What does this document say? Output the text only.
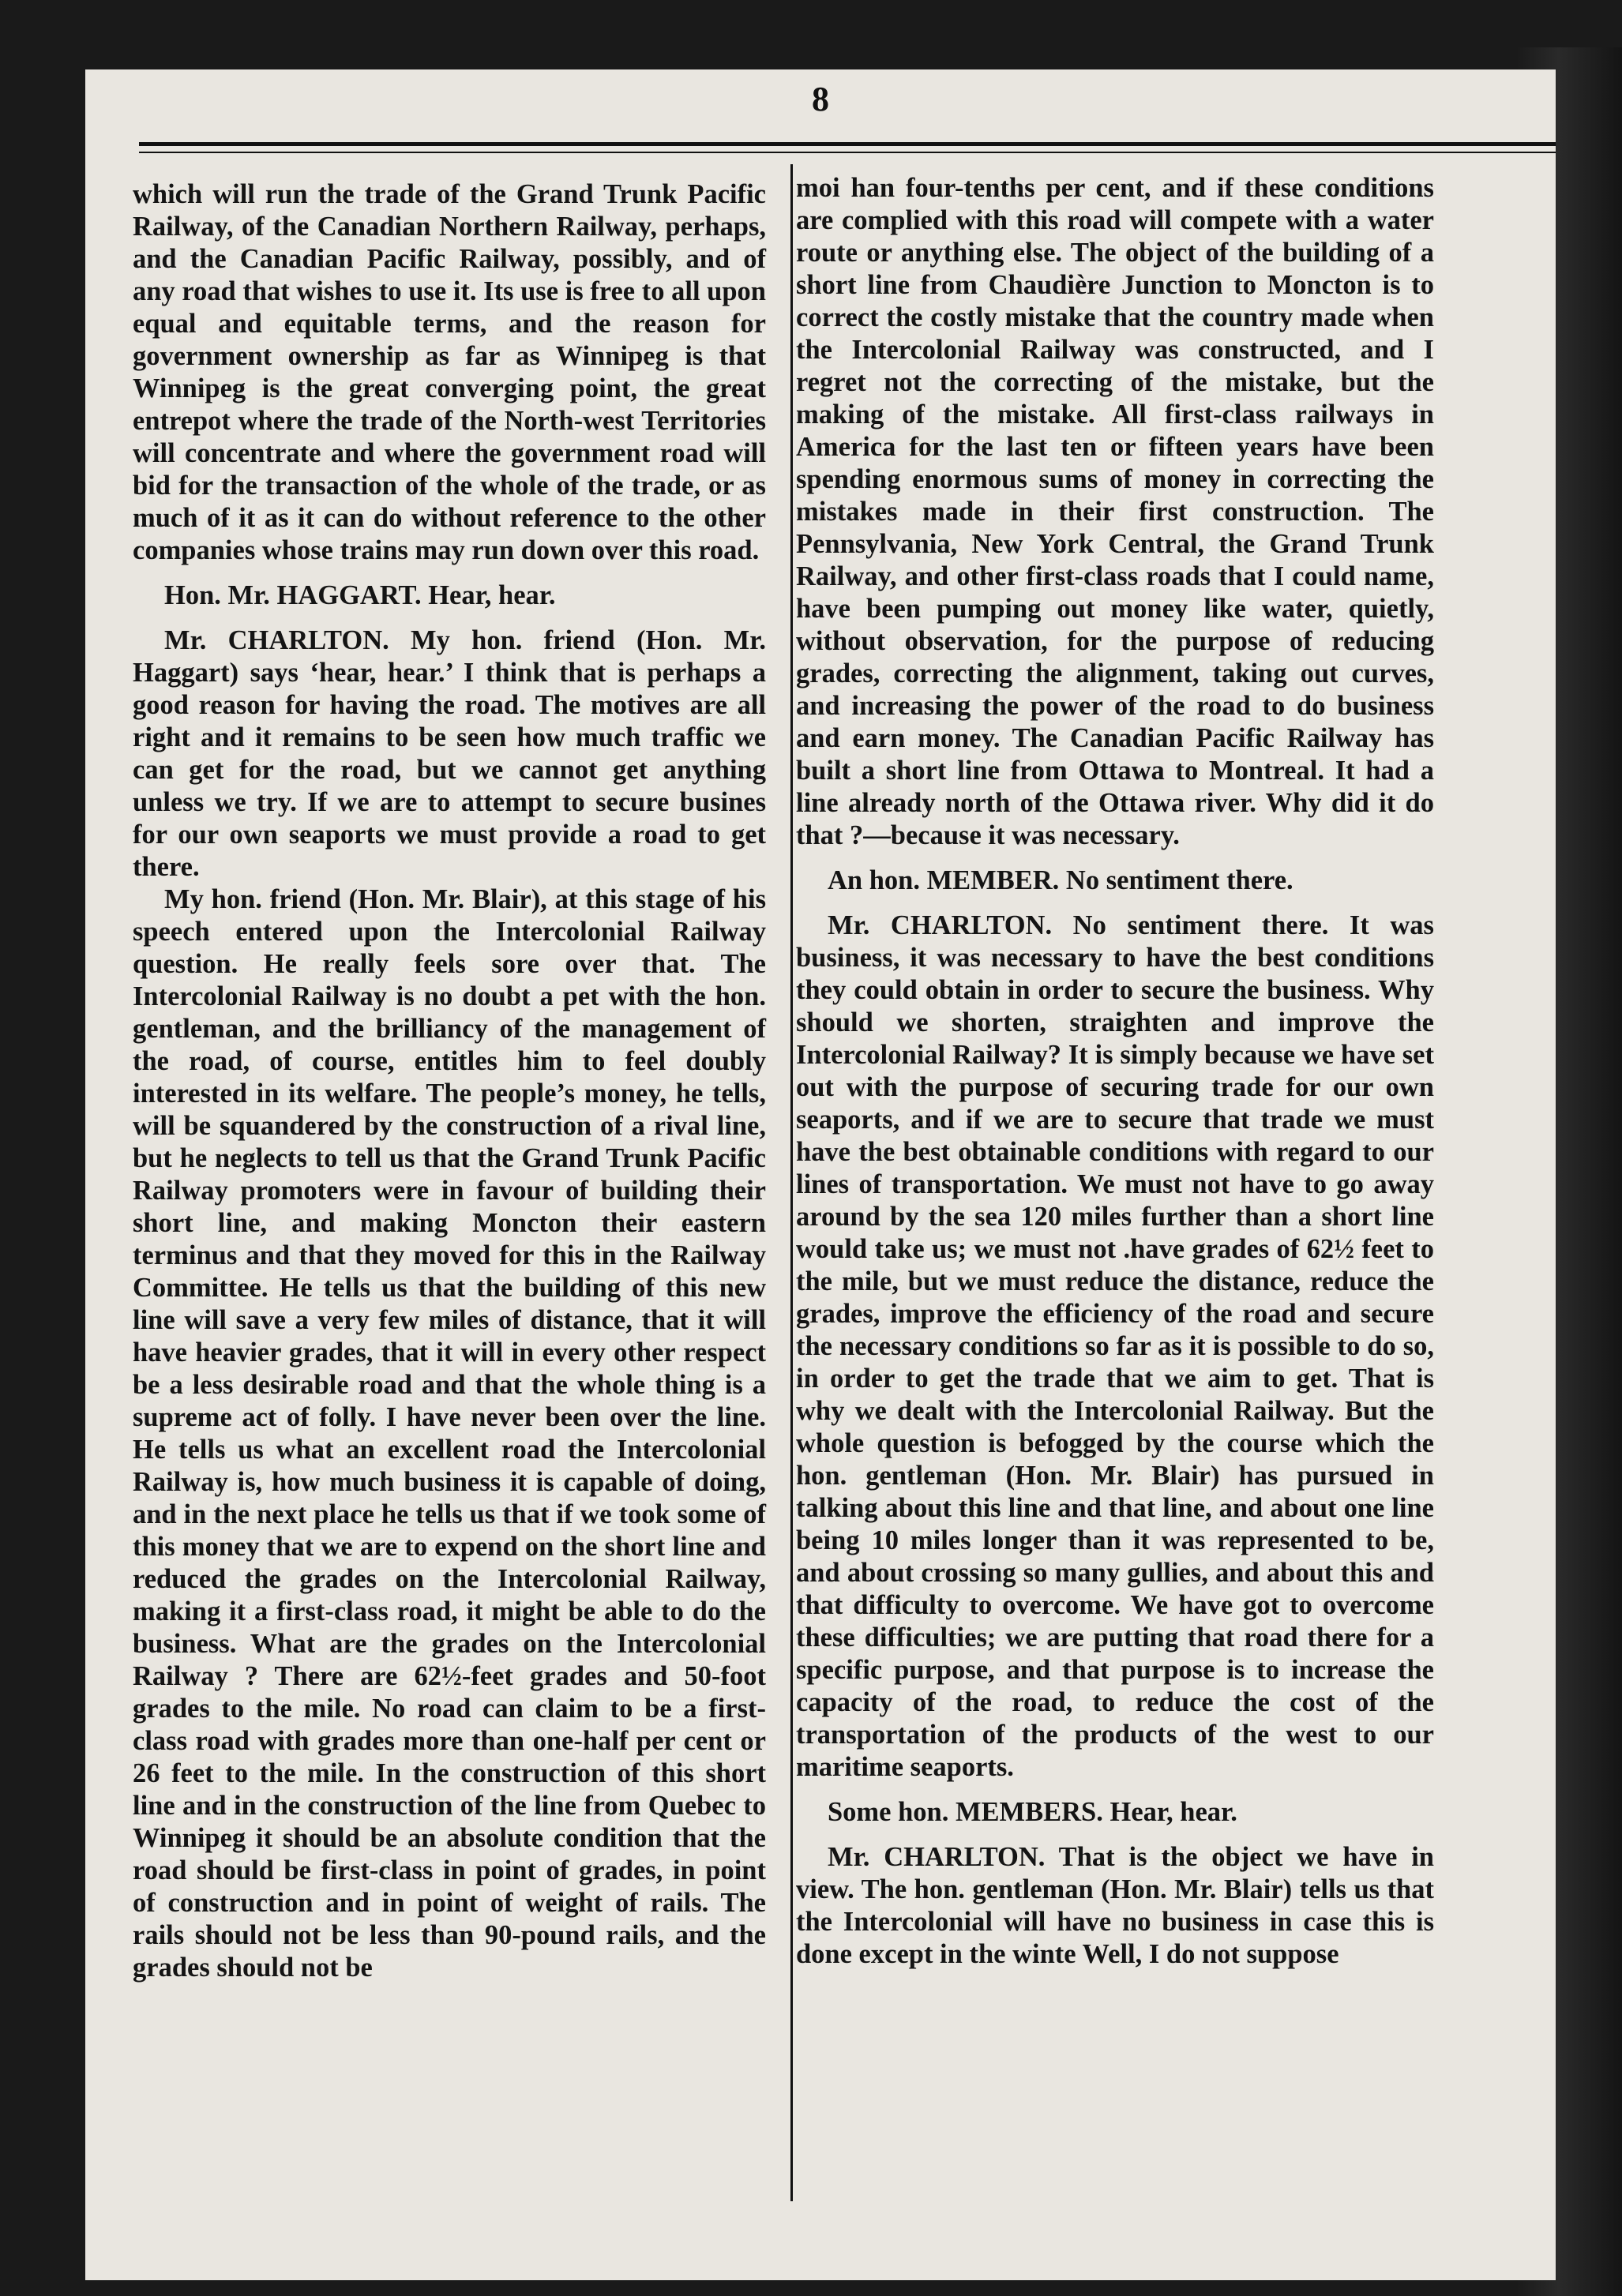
8

which will run the trade of the Grand Trunk Pacific Railway, of the Canadian Northern Railway, perhaps, and the Canadian Pacific Railway, possibly, and of any road that wishes to use it. Its use is free to all upon equal and equitable terms, and the reason for government ownership as far as Winnipeg is that Winnipeg is the great converging point, the great entrepot where the trade of the North-west Territories will concentrate and where the government road will bid for the transaction of the whole of the trade, or as much of it as it can do without reference to the other companies whose trains may run down over this road.

Hon. Mr. HAGGART. Hear, hear.

Mr. CHARLTON. My hon. friend (Hon. Mr. Haggart) says ‘hear, hear.’ I think that is perhaps a good reason for having the road. The motives are all right and it remains to be seen how much traffic we can get for the road, but we cannot get anything unless we try. If we are to attempt to secure busines for our own seaports we must provide a road to get there.

My hon. friend (Hon. Mr. Blair), at this stage of his speech entered upon the Intercolonial Railway question. He really feels sore over that. The Intercolonial Railway is no doubt a pet with the hon. gentleman, and the brilliancy of the management of the road, of course, entitles him to feel doubly interested in its welfare. The people’s money, he tells, will be squandered by the construction of a rival line, but he neglects to tell us that the Grand Trunk Pacific Railway promoters were in favour of building their short line, and making Moncton their eastern terminus and that they moved for this in the Railway Committee. He tells us that the building of this new line will save a very few miles of distance, that it will have heavier grades, that it will in every other respect be a less desirable road and that the whole thing is a supreme act of folly. I have never been over the line. He tells us what an excellent road the Intercolonial Railway is, how much business it is capable of doing, and in the next place he tells us that if we took some of this money that we are to expend on the short line and reduced the grades on the Intercolonial Railway, making it a first-class road, it might be able to do the business. What are the grades on the Intercolonial Railway ? There are 62½-feet grades and 50-foot grades to the mile. No road can claim to be a first-class road with grades more than one-half per cent or 26 feet to the mile. In the construction of this short line and in the construction of the line from Quebec to Winnipeg it should be an absolute condition that the road should be first-class in point of grades, in point of construction and in point of weight of rails. The rails should not be less than 90-pound rails, and the grades should not be

moi han four-tenths per cent, and if these conditions are complied with this road will compete with a water route or anything else. The object of the building of a short line from Chaudière Junction to Moncton is to correct the costly mistake that the country made when the Intercolonial Railway was constructed, and I regret not the correcting of the mistake, but the making of the mistake. All first-class railways in America for the last ten or fifteen years have been spending enormous sums of money in correcting the mistakes made in their first construction. The Pennsylvania, New York Central, the Grand Trunk Railway, and other first-class roads that I could name, have been pumping out money like water, quietly, without observation, for the purpose of reducing grades, correcting the alignment, taking out curves, and increasing the power of the road to do business and earn money. The Canadian Pacific Railway has built a short line from Ottawa to Montreal. It had a line already north of the Ottawa river. Why did it do that ?—because it was necessary.

An hon. MEMBER. No sentiment there.

Mr. CHARLTON. No sentiment there. It was business, it was necessary to have the best conditions they could obtain in order to secure the business. Why should we shorten, straighten and improve the Intercolonial Railway? It is simply because we have set out with the purpose of securing trade for our own seaports, and if we are to secure that trade we must have the best obtainable conditions with regard to our lines of transportation. We must not have to go away around by the sea 120 miles further than a short line would take us; we must not .have grades of 62½ feet to the mile, but we must reduce the distance, reduce the grades, improve the efficiency of the road and secure the necessary conditions so far as it is possible to do so, in order to get the trade that we aim to get. That is why we dealt with the Intercolonial Railway. But the whole question is befogged by the course which the hon. gentleman (Hon. Mr. Blair) has pursued in talking about this line and that line, and about one line being 10 miles longer than it was represented to be, and about crossing so many gullies, and about this and that difficulty to overcome. We have got to overcome these difficulties; we are putting that road there for a specific purpose, and that purpose is to increase the capacity of the road, to reduce the cost of the transportation of the products of the west to our maritime seaports.

Some hon. MEMBERS. Hear, hear.

Mr. CHARLTON. That is the object we have in view. The hon. gentleman (Hon. Mr. Blair) tells us that the Intercolonial will have no business in case this is done except in the winte Well, I do not suppose
